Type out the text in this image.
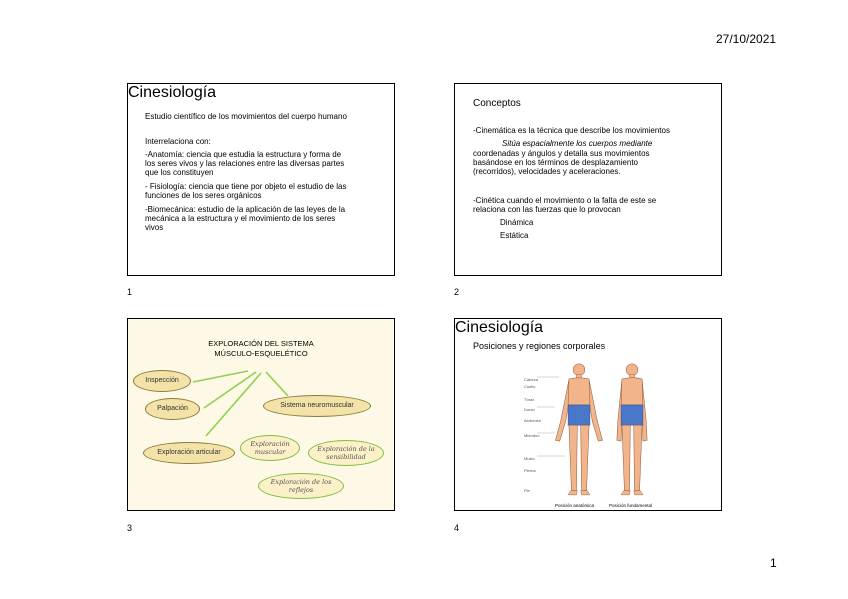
27/10/2021
Cinesiología
Estudio científico de los movimientos del cuerpo humano
Interrelaciona con:
-Anatomía: ciencia que estudia la estructura y forma de
los seres vivos y las relaciones entre las diversas partes
que los constituyen
- Fisiología: ciencia que tiene por objeto el estudio de las
funciones de los seres orgánicos
-Biomecánica: estudio de la aplicación de las leyes de la
mecánica a la estructura y el movimiento de los seres
vivos
1
Conceptos
-Cinemática es la técnica que describe los movimientos
Sitúa espacialmente los cuerpos mediante
coordenadas y ángulos y detalla sus movimientos
basándose en los términos de desplazamiento
(recorridos), velocidades y aceleraciones.
-Cinética cuando el movimiento o la falta de este se
relaciona con las fuerzas que lo provocan
Dinámica
Estática
2
EXPLORACIÓN DEL SISTEMA
MÚSCULO-ESQUELÉTICO
Inspección
Palpación	Sistema neuromuscular
Exploración articular
Exploración muscular	Exploración de la sensibilidad
Exploración de los reflejos
3
Cinesiología
Posiciones y regiones corporales
Cabeza
Cuello
Tórax
Dorso
Abdomen
Miembro
Muslo
Pierna
Pie
Posición anatómica	Posición fundamental
4
1
